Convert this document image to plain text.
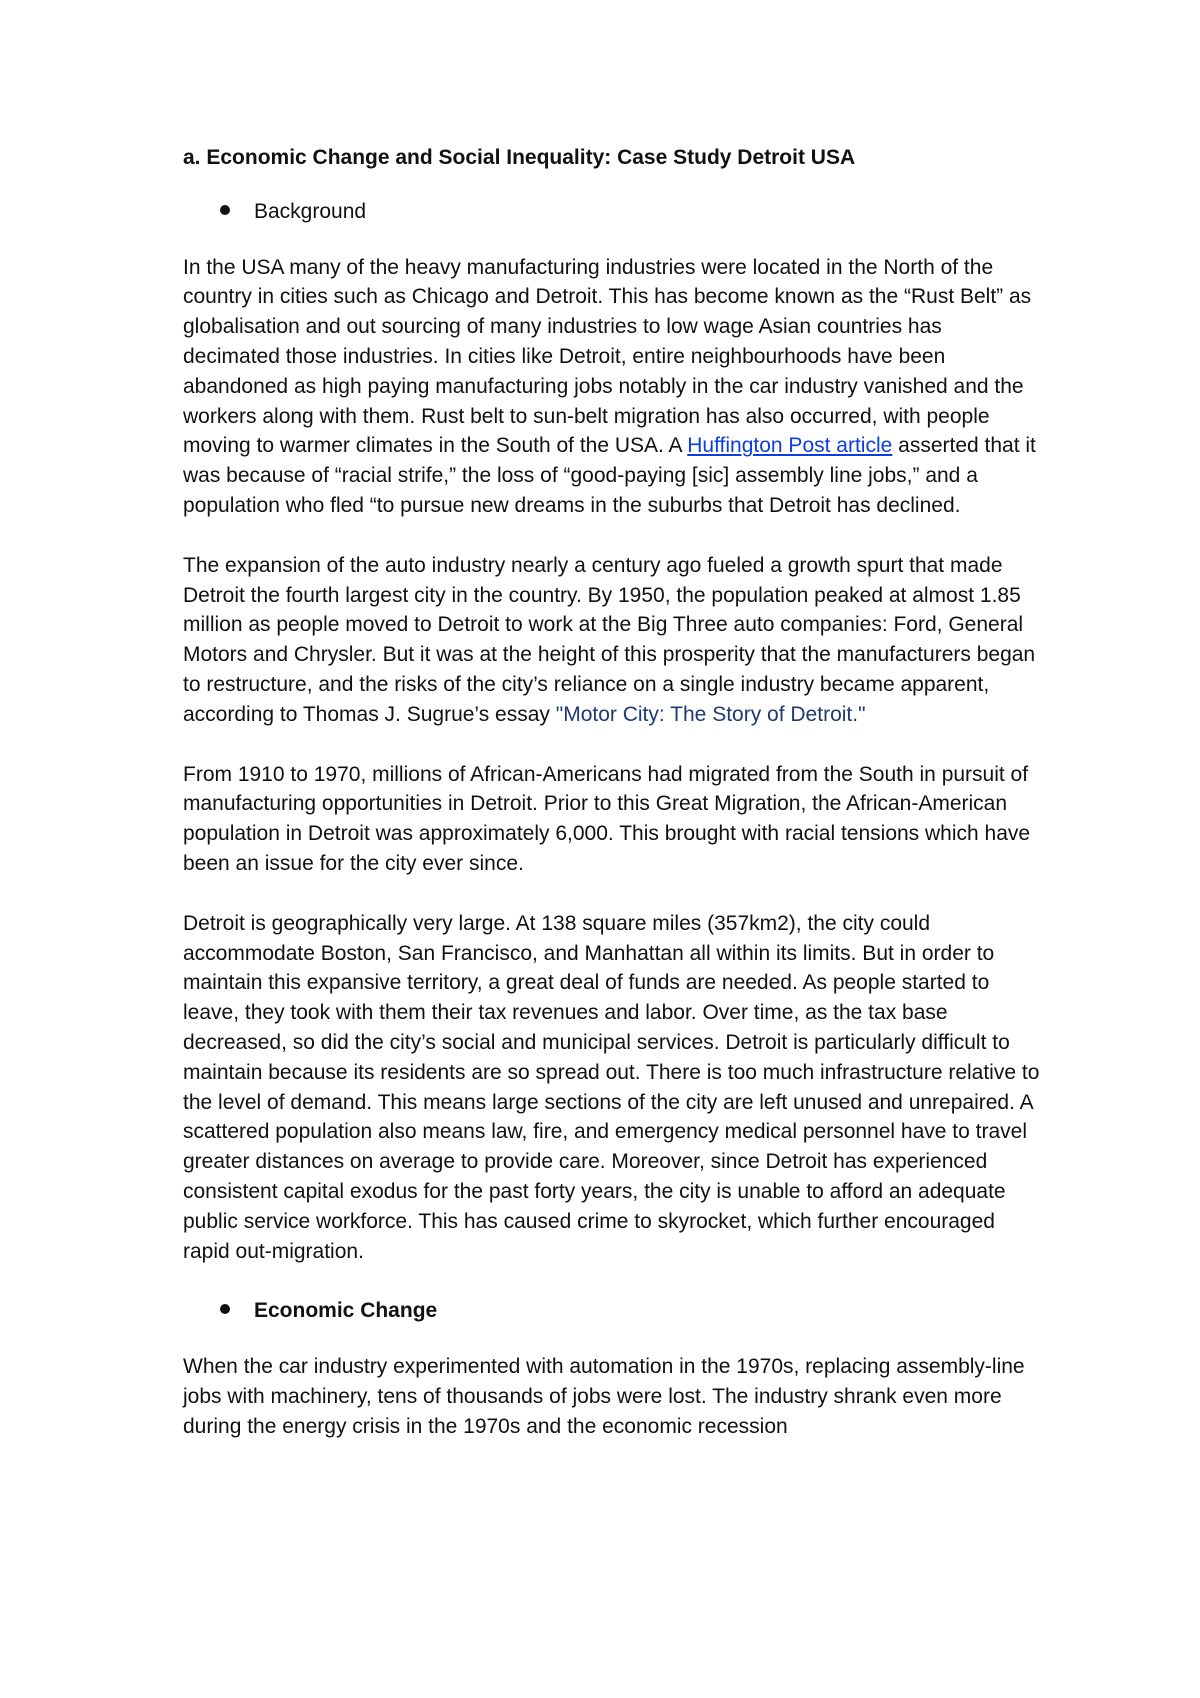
a. Economic Change and Social Inequality: Case Study Detroit USA
Background

In the USA many of the heavy manufacturing industries were located in the North of the country in cities such as Chicago and Detroit. This has become known as the “Rust Belt” as globalisation and out sourcing of many industries to low wage Asian countries has decimated those industries. In cities like Detroit, entire neighbourhoods have been abandoned as high paying manufacturing jobs notably in the car industry vanished and the workers along with them. Rust belt to sun-belt migration has also occurred, with people moving to warmer climates in the South of the USA. A Huffington Post article asserted that it was because of “racial strife,” the loss of “good-paying [sic] assembly line jobs,” and a population who fled “to pursue new dreams in the suburbs that Detroit has declined.

The expansion of the auto industry nearly a century ago fueled a growth spurt that made Detroit the fourth largest city in the country. By 1950, the population peaked at almost 1.85 million as people moved to Detroit to work at the Big Three auto companies: Ford, General Motors and Chrysler. But it was at the height of this prosperity that the manufacturers began to restructure, and the risks of the city’s reliance on a single industry became apparent, according to Thomas J. Sugrue’s essay "Motor City: The Story of Detroit."

From 1910 to 1970, millions of African-Americans had migrated from the South in pursuit of manufacturing opportunities in Detroit. Prior to this Great Migration, the African-American population in Detroit was approximately 6,000. This brought with racial tensions which have been an issue for the city ever since.

Detroit is geographically very large. At 138 square miles (357km2), the city could accommodate Boston, San Francisco, and Manhattan all within its limits. But in order to maintain this expansive territory, a great deal of funds are needed. As people started to leave, they took with them their tax revenues and labor. Over time, as the tax base decreased, so did the city’s social and municipal services. Detroit is particularly difficult to maintain because its residents are so spread out. There is too much infrastructure relative to the level of demand. This means large sections of the city are left unused and unrepaired. A scattered population also means law, fire, and emergency medical personnel have to travel greater distances on average to provide care. Moreover, since Detroit has experienced consistent capital exodus for the past forty years, the city is unable to afford an adequate public service workforce. This has caused crime to skyrocket, which further encouraged rapid out-migration.

Economic Change

When the car industry experimented with automation in the 1970s, replacing assembly-line jobs with machinery, tens of thousands of jobs were lost. The industry shrank even more during the energy crisis in the 1970s and the economic recession
